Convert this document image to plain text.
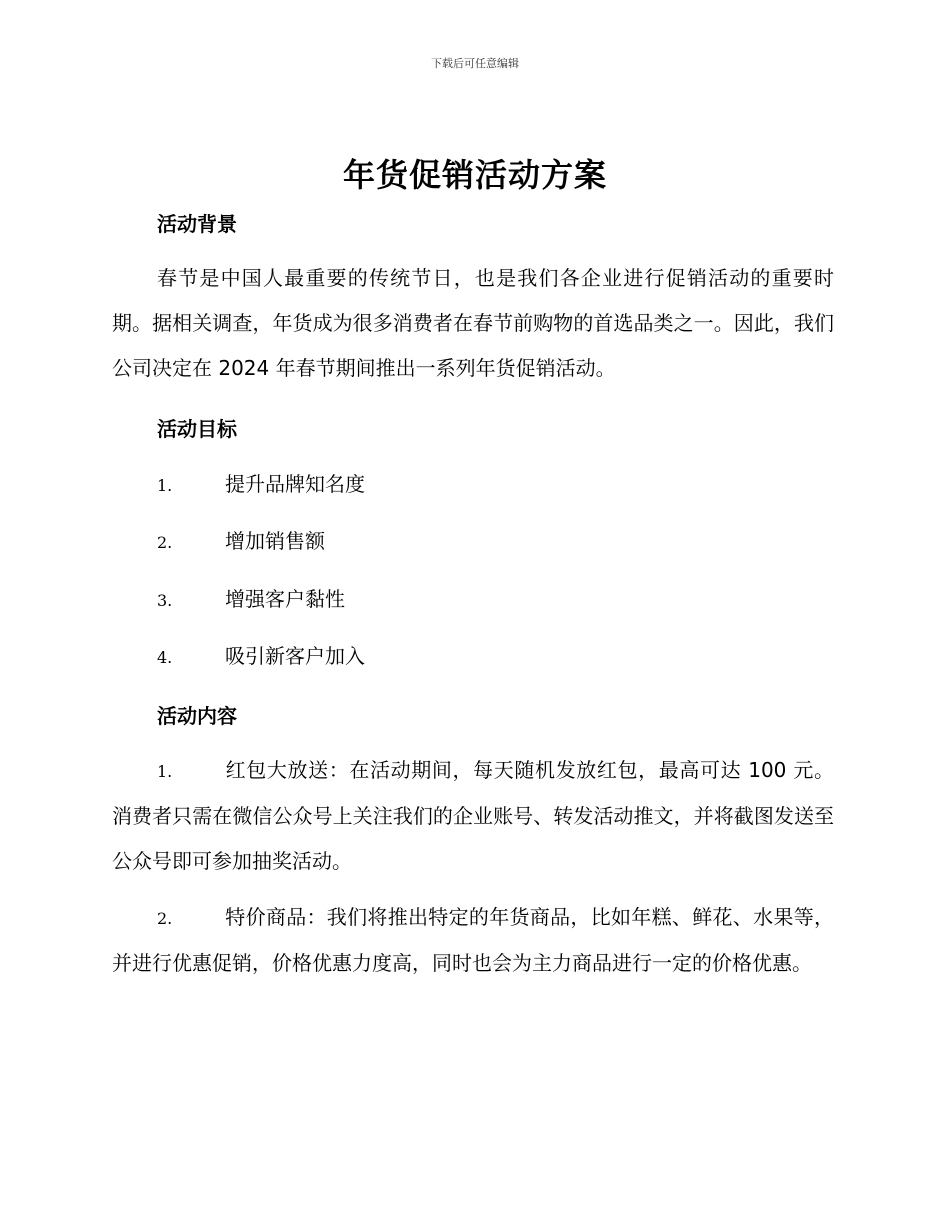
下载后可任意编辑
年货促销活动方案
活动背景
春节是中国人最重要的传统节日，也是我们各企业进行促销活动的重要时期。据相关调查，年货成为很多消费者在春节前购物的首选品类之一。因此，我们公司决定在 2024 年春节期间推出一系列年货促销活动。
活动目标
1.	提升品牌知名度
2.	增加销售额
3.	增强客户黏性
4.	吸引新客户加入
活动内容
1.	红包大放送：在活动期间，每天随机发放红包，最高可达 100 元。消费者只需在微信公众号上关注我们的企业账号、转发活动推文，并将截图发送至公众号即可参加抽奖活动。
2.	特价商品：我们将推出特定的年货商品，比如年糕、鲜花、水果等，并进行优惠促销，价格优惠力度高，同时也会为主力商品进行一定的价格优惠。
